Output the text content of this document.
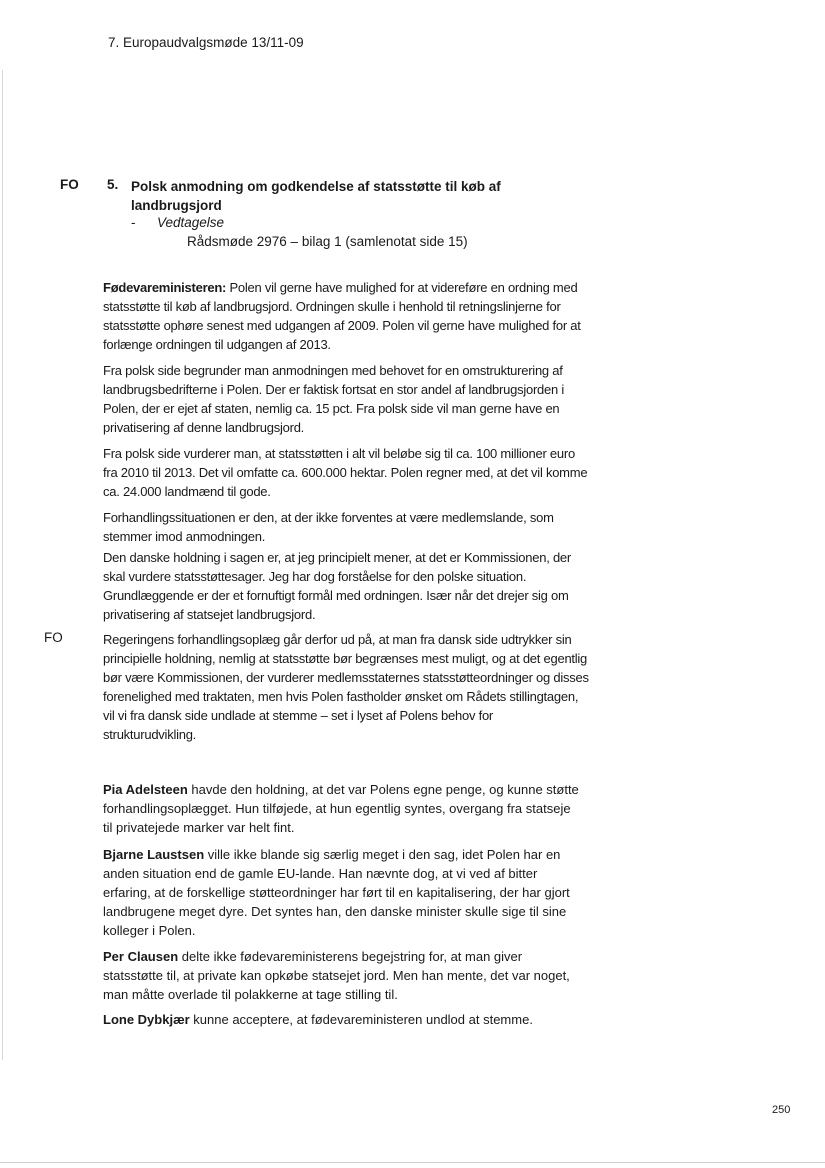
7. Europaudvalgsmøde 13/11-09
FO
FO
5. Polsk anmodning om godkendelse af statsstøtte til køb af landbrugsjord
- Vedtagelse
Rådsmøde 2976 – bilag 1 (samlenotat side 15)

Fødevareministeren: Polen vil gerne have mulighed for at videreføre en ordning med statsstøtte til køb af landbrugsjord. Ordningen skulle i henhold til retningslinjerne for statsstøtte ophøre senest med udgangen af 2009. Polen vil gerne have mulighed for at forlænge ordningen til udgangen af 2013.

Fra polsk side begrunder man anmodningen med behovet for en omstrukturering af landbrugsbedrifterne i Polen. Der er faktisk fortsat en stor andel af landbrugsjorden i Polen, der er ejet af staten, nemlig ca. 15 pct. Fra polsk side vil man gerne have en privatisering af denne landbrugsjord.

Fra polsk side vurderer man, at statsstøtten i alt vil beløbe sig til ca. 100 millioner euro fra 2010 til 2013. Det vil omfatte ca. 600.000 hektar. Polen regner med, at det vil komme ca. 24.000 landmænd til gode.

Forhandlingssituationen er den, at der ikke forventes at være medlemslande, som stemmer imod anmodningen.

Den danske holdning i sagen er, at jeg principielt mener, at det er Kommissionen, der skal vurdere statsstøttesager. Jeg har dog forståelse for den polske situation. Grundlæggende er der et fornuftigt formål med ordningen. Især når det drejer sig om privatisering af statsejet landbrugsjord.

Regeringens forhandlingsoplæg går derfor ud på, at man fra dansk side udtrykker sin principielle holdning, nemlig at statsstøtte bør begrænses mest muligt, og at det egentlig bør være Kommissionen, der vurderer medlemsstaternes statsstøtteordninger og disses forenelighed med traktaten, men hvis Polen fastholder ønsket om Rådets stillingtagen, vil vi fra dansk side undlade at stemme – set i lyset af Polens behov for strukturudvikling.

Pia Adelsteen havde den holdning, at det var Polens egne penge, og kunne støtte forhandlingsoplægget. Hun tilføjede, at hun egentlig syntes, overgang fra statseje til privatejede marker var helt fint.

Bjarne Laustsen ville ikke blande sig særlig meget i den sag, idet Polen har en anden situation end de gamle EU-lande. Han nævnte dog, at vi ved af bitter erfaring, at de forskellige støtteordninger har ført til en kapitalisering, der har gjort landbrugene meget dyre. Det syntes han, den danske minister skulle sige til sine kolleger i Polen.

Per Clausen delte ikke fødevareministerens begejstring for, at man giver statsstøtte til, at private kan opkøbe statsejet jord. Men han mente, det var noget, man måtte overlade til polakkerne at tage stilling til.

Lone Dybkjær kunne acceptere, at fødevareministeren undlod at stemme.

250
